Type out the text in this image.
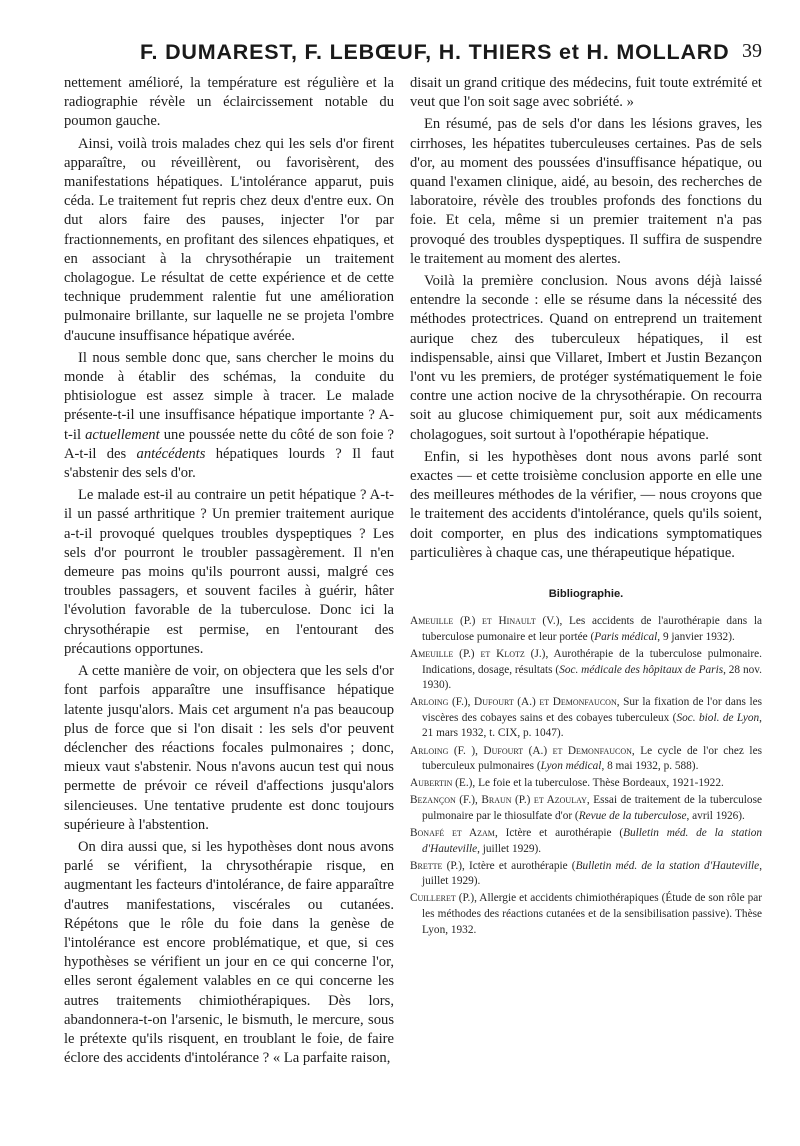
F. DUMAREST, F. LEBŒUF, H. THIERS et H. MOLLARD 39

nettement amélioré, la température est régulière et la radiographie révèle un éclaircissement notable du poumon gauche.

Ainsi, voilà trois malades chez qui les sels d'or firent apparaître, ou réveillèrent, ou favorisèrent, des manifestations hépatiques. L'intolérance apparut, puis céda. Le traitement fut repris chez deux d'entre eux. On dut alors faire des pauses, injecter l'or par fractionnements, en profitant des silences ehpatiques, et en associant à la chrysothérapie un traitement cholagogue. Le résultat de cette expérience et de cette technique prudemment ralentie fut une amélioration pulmonaire brillante, sur laquelle ne se projeta l'ombre d'aucune insuffisance hépatique avérée.

Il nous semble donc que, sans chercher le moins du monde à établir des schémas, la conduite du phtisiologue est assez simple à tracer. Le malade présente-t-il une insuffisance hépatique importante ? A-t-il actuellement une poussée nette du côté de son foie ? A-t-il des antécédents hépatiques lourds ? Il faut s'abstenir des sels d'or.

Le malade est-il au contraire un petit hépatique ? A-t-il un passé arthritique ? Un premier traitement aurique a-t-il provoqué quelques troubles dyspeptiques ? Les sels d'or pourront le troubler passagèrement. Il n'en demeure pas moins qu'ils pourront aussi, malgré ces troubles passagers, et souvent faciles à guérir, hâter l'évolution favorable de la tuberculose. Donc ici la chrysothérapie est permise, en l'entourant des précautions opportunes.

A cette manière de voir, on objectera que les sels d'or font parfois apparaître une insuffisance hépatique latente jusqu'alors. Mais cet argument n'a pas beaucoup plus de force que si l'on disait : les sels d'or peuvent déclencher des réactions focales pulmonaires ; donc, mieux vaut s'abstenir. Nous n'avons aucun test qui nous permette de prévoir ce réveil d'affections jusqu'alors silencieuses. Une tentative prudente est donc toujours supérieure à l'abstention.

On dira aussi que, si les hypothèses dont nous avons parlé se vérifient, la chrysothérapie risque, en augmentant les facteurs d'intolérance, de faire apparaître d'autres manifestations, viscérales ou cutanées. Répétons que le rôle du foie dans la genèse de l'intolérance est encore problématique, et que, si ces hypothèses se vérifient un jour en ce qui concerne l'or, elles seront également valables en ce qui concerne les autres traitements chimiothérapiques. Dès lors, abandonnera-t-on l'arsenic, le bismuth, le mercure, sous le prétexte qu'ils risquent, en troublant le foie, de faire éclore des accidents d'intolérance ? « La parfaite raison,

disait un grand critique des médecins, fuit toute extrémité et veut que l'on soit sage avec sobriété. »

En résumé, pas de sels d'or dans les lésions graves, les cirrhoses, les hépatites tuberculeuses certaines. Pas de sels d'or, au moment des poussées d'insuffisance hépatique, ou quand l'examen clinique, aidé, au besoin, des recherches de laboratoire, révèle des troubles profonds des fonctions du foie. Et cela, même si un premier traitement n'a pas provoqué des troubles dyspeptiques. Il suffira de suspendre le traitement au moment des alertes.

Voilà la première conclusion. Nous avons déjà laissé entendre la seconde : elle se résume dans la nécessité des méthodes protectrices. Quand on entreprend un traitement aurique chez des tuberculeux hépatiques, il est indispensable, ainsi que Villaret, Imbert et Justin Bezançon l'ont vu les premiers, de protéger systématiquement le foie contre une action nocive de la chrysothérapie. On recourra soit au glucose chimiquement pur, soit aux médicaments cholagogues, soit surtout à l'opothérapie hépatique.

Enfin, si les hypothèses dont nous avons parlé sont exactes — et cette troisième conclusion apporte en elle une des meilleures méthodes de la vérifier, — nous croyons que le traitement des accidents d'intolérance, quels qu'ils soient, doit comporter, en plus des indications symptomatiques particulières à chaque cas, une thérapeutique hépatique.

Bibliographie.
Ameuille (P.) et Hinault (V.), Les accidents de l'aurothérapie dans la tuberculose pumonaire et leur portée (Paris médical, 9 janvier 1932).
Ameuille (P.) et Klotz (J.), Aurothérapie de la tuberculose pulmonaire. Indications, dosage, résultats (Soc. médicale des hôpitaux de Paris, 28 nov. 1930).
Arloing (F.), Dufourt (A.) et Demonfaucon, Sur la fixation de l'or dans les viscères des cobayes sains et des cobayes tuberculeux (Soc. biol. de Lyon, 21 mars 1932, t. CIX, p. 1047).
Arloing (F. ), Dufourt (A.) et Demonfaucon, Le cycle de l'or chez les tuberculeux pulmonaires (Lyon médical, 8 mai 1932, p. 588).
Aubertin (E.), Le foie et la tuberculose. Thèse Bordeaux, 1921-1922.
Bezançon (F.), Braun (P.) et Azoulay, Essai de traitement de la tuberculose pulmonaire par le thiosulfate d'or (Revue de la tuberculose, avril 1926).
Bonafé et Azam, Ictère et aurothérapie (Bulletin méd. de la station d'Hauteville, juillet 1929).
Brette (P.), Ictère et aurothérapie (Bulletin méd. de la station d'Hauteville, juillet 1929).
Cuilleret (P.), Allergie et accidents chimiothérapiques (Étude de son rôle par les méthodes des réactions cutanées et de la sensibilisation passive). Thèse Lyon, 1932.
